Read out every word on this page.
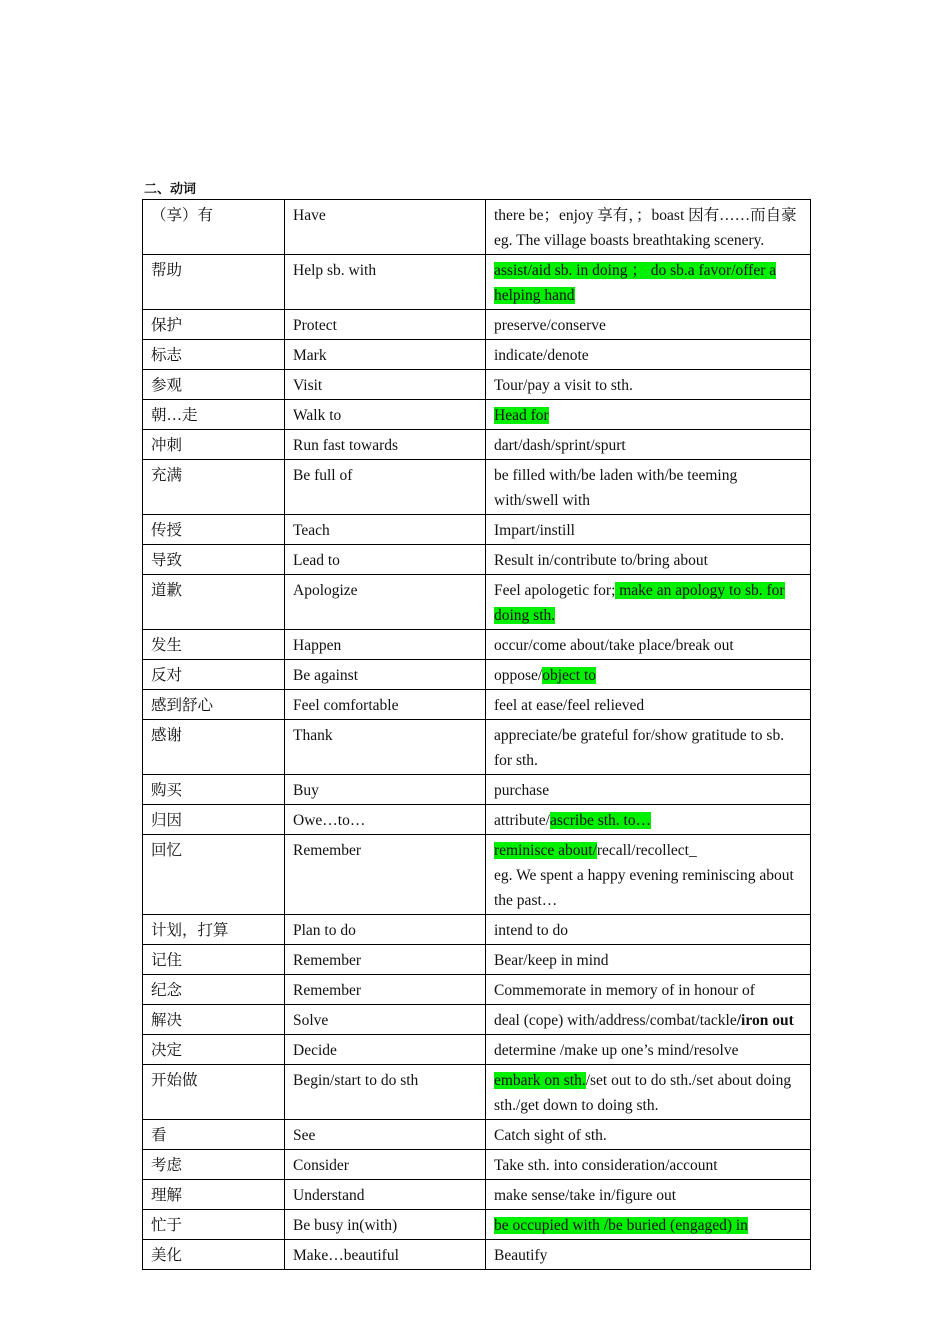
二、动词
（享）有	Have	there be；enjoy 享有，；boast 因有……而自豪
eg. The village boasts breathtaking scenery.
帮助	Help sb. with	assist/aid sb. in doing ； do sb.a favor/offer a helping hand
保护	Protect	preserve/conserve
标志	Mark	indicate/denote
参观	Visit	Tour/pay a visit to sth.
朝…走	Walk to	Head for
冲刺	Run fast towards	dart/dash/sprint/spurt
充满	Be full of	be filled with/be laden with/be teeming with/swell with
传授	Teach	Impart/instill
导致	Lead to	Result in/contribute to/bring about
道歉	Apologize	Feel apologetic for; make an apology to sb. for doing sth.
发生	Happen	occur/come about/take place/break out
反对	Be against	oppose/object to
感到舒心	Feel comfortable	feel at ease/feel relieved
感谢	Thank	appreciate/be grateful for/show gratitude to sb. for sth.
购买	Buy	purchase
归因	Owe…to…	attribute/ascribe sth. to…
回忆	Remember	reminisce about/recall/recollect_
eg. We spent a happy evening reminiscing about the past…
计划，打算	Plan to do	intend to do
记住	Remember	Bear/keep in mind
纪念	Remember	Commemorate in memory of in honour of
解决	Solve	deal (cope) with/address/combat/tackle/iron out
决定	Decide	determine /make up one’s mind/resolve
开始做	Begin/start to do sth	embark on sth./set out to do sth./set about doing sth./get down to doing sth.
看	See	Catch sight of sth.
考虑	Consider	Take sth. into consideration/account
理解	Understand	make sense/take in/figure out
忙于	Be busy in(with)	be occupied with /be buried (engaged) in
美化	Make…beautiful	Beautify
